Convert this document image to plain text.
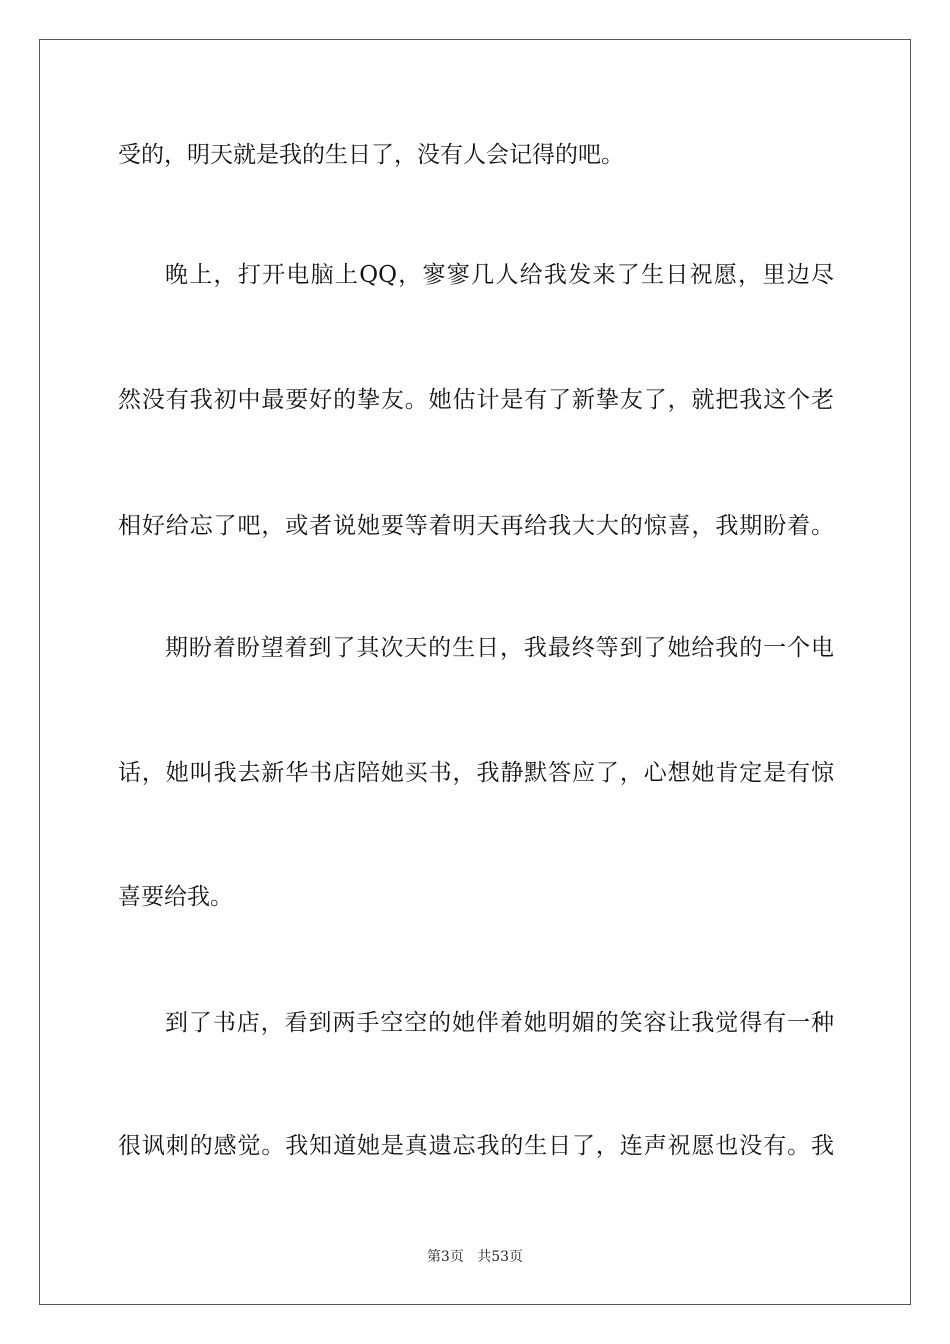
受的，明天就是我的生日了，没有人会记得的吧。
晚上，打开电脑上QQ，寥寥几人给我发来了生日祝愿，里边尽
然没有我初中最要好的挚友。她估计是有了新挚友了，就把我这个老
相好给忘了吧，或者说她要等着明天再给我大大的惊喜，我期盼着。
期盼着盼望着到了其次天的生日，我最终等到了她给我的一个电
话，她叫我去新华书店陪她买书，我静默答应了，心想她肯定是有惊
喜要给我。
到了书店，看到两手空空的她伴着她明媚的笑容让我觉得有一种
很讽刺的感觉。我知道她是真遗忘我的生日了，连声祝愿也没有。我
第3页 共53页
